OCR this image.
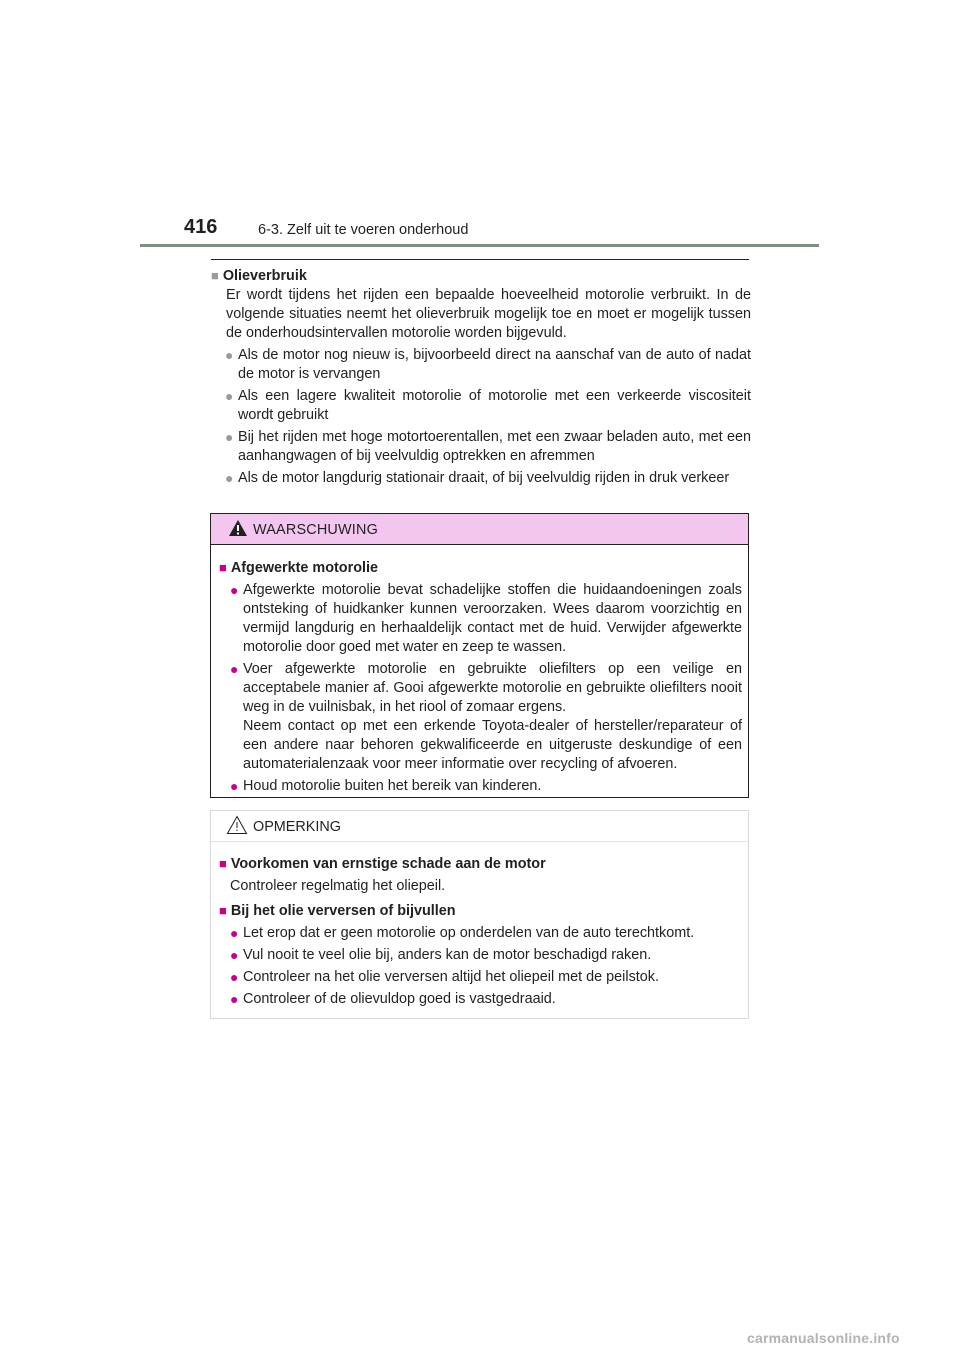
416	6-3. Zelf uit te voeren onderhoud
■ Olieverbruik
Er wordt tijdens het rijden een bepaalde hoeveelheid motorolie verbruikt. In de volgende situaties neemt het olieverbruik mogelijk toe en moet er mogelijk tussen de onderhoudsintervallen motorolie worden bijgevuld.
● Als de motor nog nieuw is, bijvoorbeeld direct na aanschaf van de auto of nadat de motor is vervangen
● Als een lagere kwaliteit motorolie of motorolie met een verkeerde viscositeit wordt gebruikt
● Bij het rijden met hoge motortoerentallen, met een zwaar beladen auto, met een aanhangwagen of bij veelvuldig optrekken en afremmen
● Als de motor langdurig stationair draait, of bij veelvuldig rijden in druk verkeer
WAARSCHUWING
■ Afgewerkte motorolie
● Afgewerkte motorolie bevat schadelijke stoffen die huidaandoeningen zoals ontsteking of huidkanker kunnen veroorzaken. Wees daarom voorzichtig en vermijd langdurig en herhaaldelijk contact met de huid. Verwijder afgewerkte motorolie door goed met water en zeep te wassen.
● Voer afgewerkte motorolie en gebruikte oliefilters op een veilige en acceptabele manier af. Gooi afgewerkte motorolie en gebruikte oliefilters nooit weg in de vuilnisbak, in het riool of zomaar ergens.
Neem contact op met een erkende Toyota-dealer of hersteller/reparateur of een andere naar behoren gekwalificeerde en uitgeruste deskundige of een automaterialenzaak voor meer informatie over recycling of afvoeren.
● Houd motorolie buiten het bereik van kinderen.
OPMERKING
■ Voorkomen van ernstige schade aan de motor
Controleer regelmatig het oliepeil.
■ Bij het olie verversen of bijvullen
● Let erop dat er geen motorolie op onderdelen van de auto terechtkomt.
● Vul nooit te veel olie bij, anders kan de motor beschadigd raken.
● Controleer na het olie verversen altijd het oliepeil met de peilstok.
● Controleer of de olievuldop goed is vastgedraaid.
carmanualsonline.info
